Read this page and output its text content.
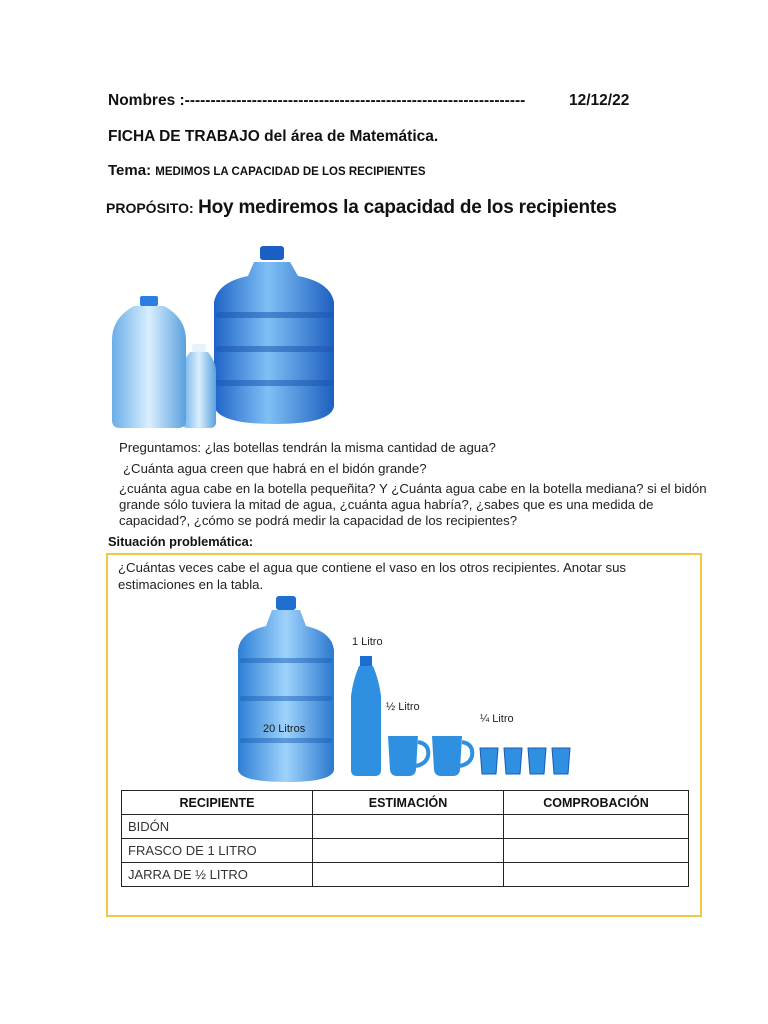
Nombres :------------------------------------------------------------------	12/12/22
FICHA DE TRABAJO del área de Matemática.
Tema: MEDIMOS LA CAPACIDAD DE LOS RECIPIENTES
PROPÓSITO: Hoy mediremos la capacidad de los recipientes
Preguntamos: ¿las botellas tendrán la misma cantidad de agua?
¿Cuánta agua creen que habrá en el bidón grande?
¿cuánta agua cabe en la botella pequeñita? Y ¿Cuánta agua cabe en la botella mediana? si el bidón grande sólo tuviera la mitad de agua, ¿cuánta agua habría?, ¿sabes que es una medida de capacidad?, ¿cómo se podrá medir la capacidad de los recipientes?
Situación problemática:
¿Cuántas veces cabe el agua que contiene el vaso en los otros recipientes. Anotar sus estimaciones en la tabla.
20 Litros
1 Litro
½ Litro
¼ Litro
RECIPIENTE	ESTIMACIÓN	COMPROBACIÓN
BIDÓN		
FRASCO DE 1 LITRO		
JARRA DE ½ LITRO		
